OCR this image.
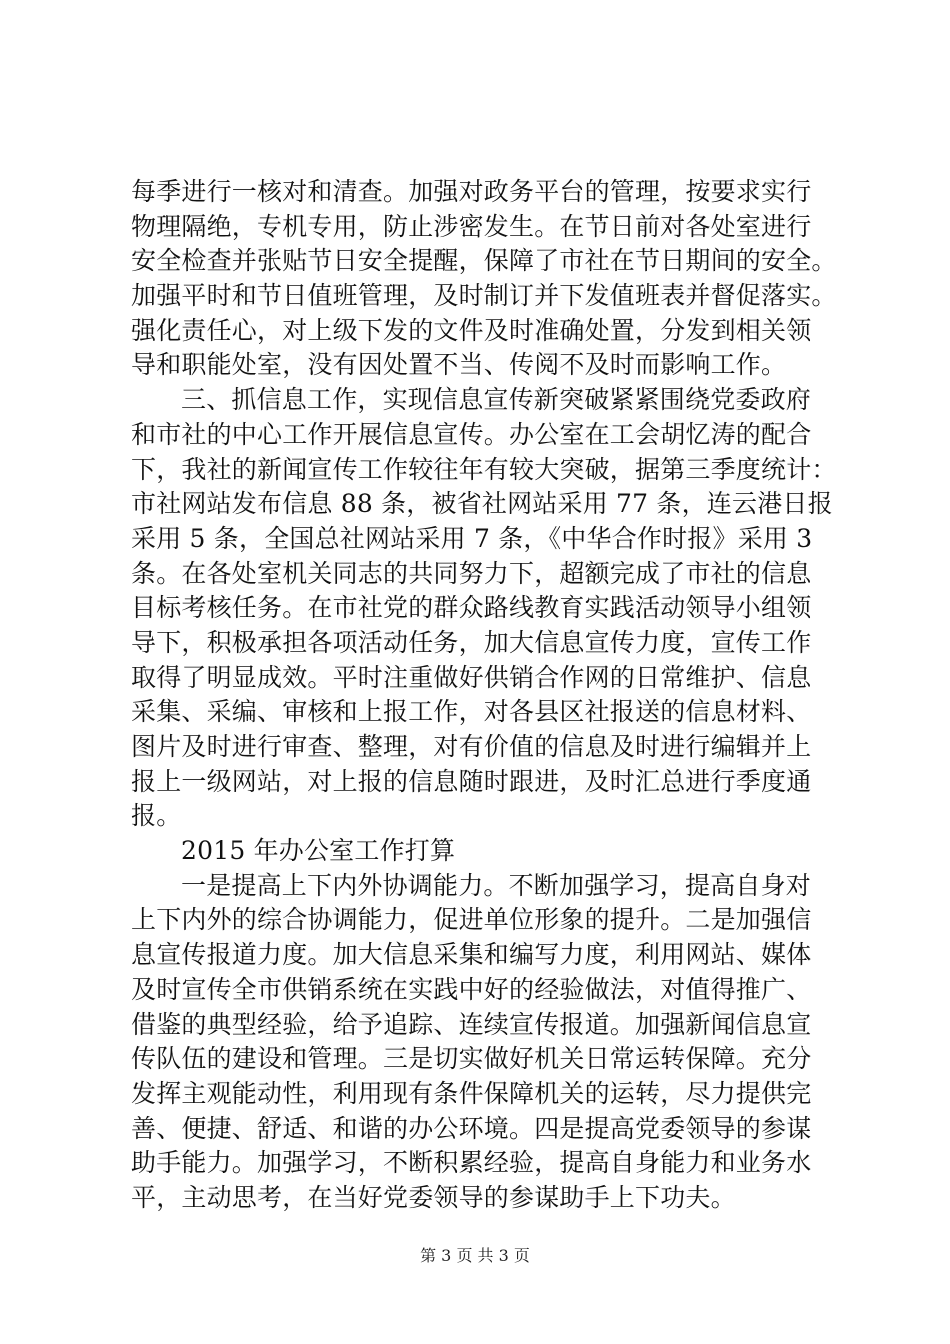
每季进行一核对和清查。加强对政务平台的管理，按要求实行
物理隔绝，专机专用，防止涉密发生。在节日前对各处室进行
安全检查并张贴节日安全提醒，保障了市社在节日期间的安全。
加强平时和节日值班管理，及时制订并下发值班表并督促落实。
强化责任心，对上级下发的文件及时准确处置，分发到相关领
导和职能处室，没有因处置不当、传阅不及时而影响工作。
三、抓信息工作，实现信息宣传新突破紧紧围绕党委政府
和市社的中心工作开展信息宣传。办公室在工会胡忆涛的配合
下，我社的新闻宣传工作较往年有较大突破，据第三季度统计：
市社网站发布信息 88 条，被省社网站采用 77 条，连云港日报
采用 5 条，全国总社网站采用 7 条，《中华合作时报》采用 3
条。在各处室机关同志的共同努力下，超额完成了市社的信息
目标考核任务。在市社党的群众路线教育实践活动领导小组领
导下，积极承担各项活动任务，加大信息宣传力度，宣传工作
取得了明显成效。平时注重做好供销合作网的日常维护、信息
采集、采编、审核和上报工作，对各县区社报送的信息材料、
图片及时进行审查、整理，对有价值的信息及时进行编辑并上
报上一级网站，对上报的信息随时跟进，及时汇总进行季度通
报。
2015 年办公室工作打算
一是提高上下内外协调能力。不断加强学习，提高自身对
上下内外的综合协调能力，促进单位形象的提升。二是加强信
息宣传报道力度。加大信息采集和编写力度，利用网站、媒体
及时宣传全市供销系统在实践中好的经验做法，对值得推广、
借鉴的典型经验，给予追踪、连续宣传报道。加强新闻信息宣
传队伍的建设和管理。三是切实做好机关日常运转保障。充分
发挥主观能动性，利用现有条件保障机关的运转，尽力提供完
善、便捷、舒适、和谐的办公环境。四是提高党委领导的参谋
助手能力。加强学习，不断积累经验，提高自身能力和业务水
平，主动思考，在当好党委领导的参谋助手上下功夫。
第 3 页 共 3 页
